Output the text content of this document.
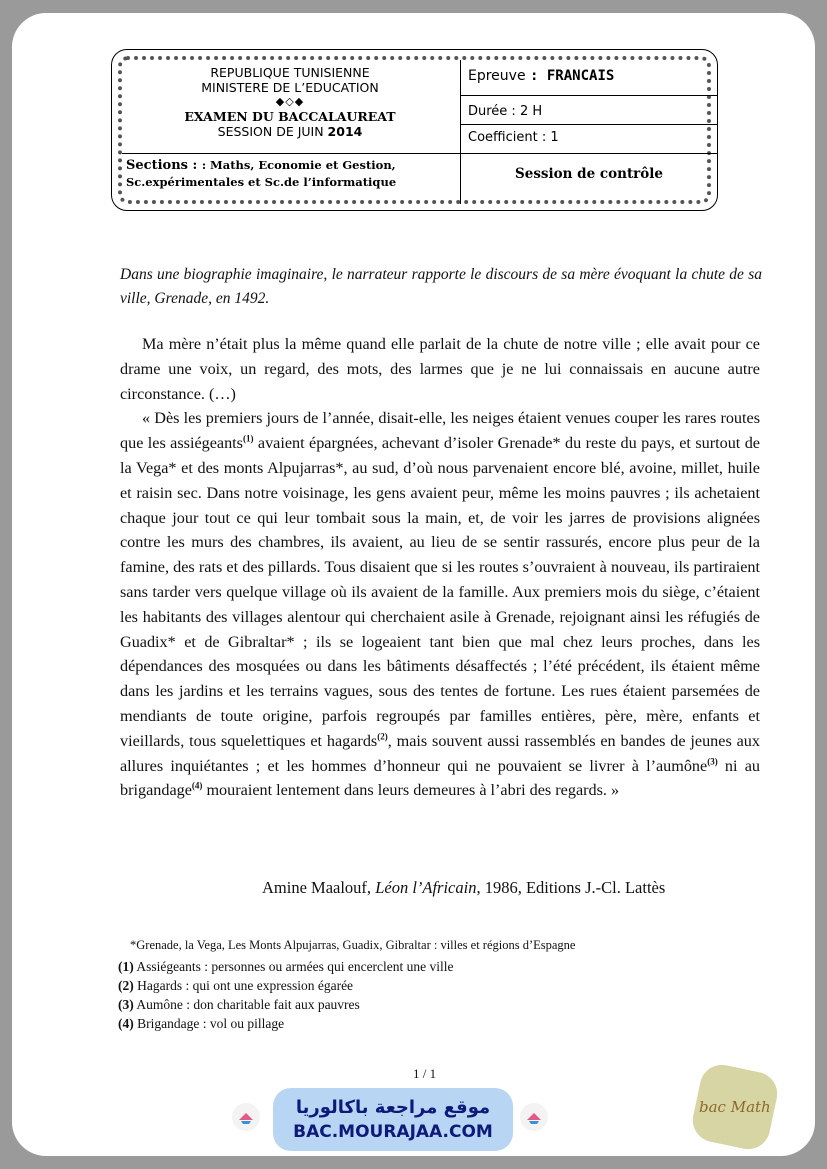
REPUBLIQUE TUNISIENNE
MINISTERE DE L’EDUCATION
◆◇◆
EXAMEN DU BACCALAUREAT
SESSION DE JUIN 2014
Epreuve : FRANCAIS
Durée : 2 H
Coefficient : 1
Sections : : Maths, Economie et Gestion,
Sc.expérimentales et Sc.de l’informatique	Session de contrôle
Dans une biographie imaginaire, le narrateur rapporte le discours de sa mère évoquant la chute de sa ville, Grenade, en 1492.

Ma mère n’était plus la même quand elle parlait de la chute de notre ville ; elle avait pour ce drame une voix, un regard, des mots, des larmes que je ne lui connaissais en aucune autre circonstance. (…)

« Dès les premiers jours de l’année, disait-elle, les neiges étaient venues couper les rares routes que les assiégeants$^{(1)}$ avaient épargnées, achevant d’isoler Grenade* du reste du pays, et surtout de la Vega* et des monts Alpujarras*, au sud, d’où nous parvenaient encore blé, avoine, millet, huile et raisin sec. Dans notre voisinage, les gens avaient peur, même les moins pauvres ; ils achetaient chaque jour tout ce qui leur tombait sous la main, et, de voir les jarres de provisions alignées contre les murs des chambres, ils avaient, au lieu de se sentir rassurés, encore plus peur de la famine, des rats et des pillards. Tous disaient que si les routes s’ouvraient à nouveau, ils partiraient sans tarder vers quelque village où ils avaient de la famille. Aux premiers mois du siège, c’étaient les habitants des villages alentour qui cherchaient asile à Grenade, rejoignant ainsi les réfugiés de Guadix* et de Gibraltar* ; ils se logeaient tant bien que mal chez leurs proches, dans les dépendances des mosquées ou dans les bâtiments désaffectés ; l’été précédent, ils étaient même dans les jardins et les terrains vagues, sous des tentes de fortune. Les rues étaient parsemées de mendiants de toute origine, parfois regroupés par familles entières, père, mère, enfants et vieillards, tous squelettiques et hagards$^{(2)}$, mais souvent aussi rassemblés en bandes de jeunes aux allures inquiétantes ; et les hommes d’honneur qui ne pouvaient se livrer à l’aumône$^{(3)}$ ni au brigandage$^{(4)}$ mouraient lentement dans leurs demeures à l’abri des regards. »

Amine Maalouf, Léon l’Africain, 1986, Editions J.-Cl. Lattès
*Grenade, la Vega, Les Monts Alpujarras, Guadix, Gibraltar : villes et régions d’Espagne
(1) Assiégeants : personnes ou armées qui encerclent une ville
(2) Hagards : qui ont une expression égarée
(3) Aumône : don charitable fait aux pauvres
(4) Brigandage : vol ou pillage
1 / 1
موقع مراجعة باكالوريا
BAC.MOURAJAA.COM
bac Math
